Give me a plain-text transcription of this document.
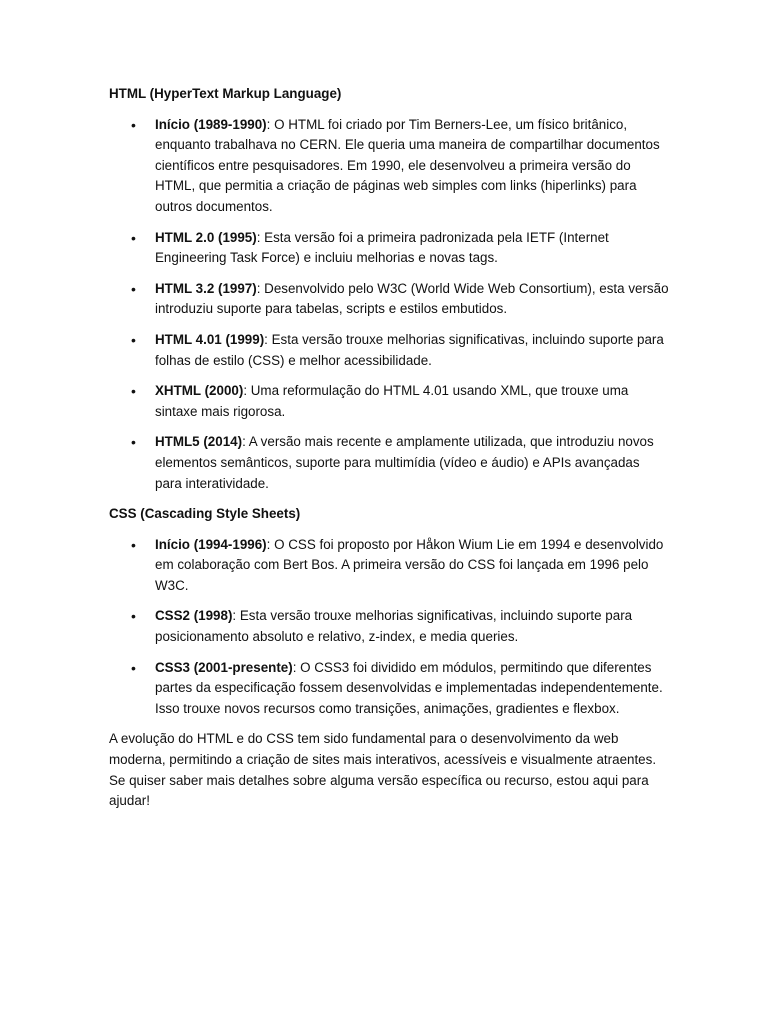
HTML (HyperText Markup Language)
• Início (1989-1990): O HTML foi criado por Tim Berners-Lee, um físico britânico, enquanto trabalhava no CERN. Ele queria uma maneira de compartilhar documentos científicos entre pesquisadores. Em 1990, ele desenvolveu a primeira versão do HTML, que permitia a criação de páginas web simples com links (hiperlinks) para outros documentos.
• HTML 2.0 (1995): Esta versão foi a primeira padronizada pela IETF (Internet Engineering Task Force) e incluiu melhorias e novas tags.
• HTML 3.2 (1997): Desenvolvido pelo W3C (World Wide Web Consortium), esta versão introduziu suporte para tabelas, scripts e estilos embutidos.
• HTML 4.01 (1999): Esta versão trouxe melhorias significativas, incluindo suporte para folhas de estilo (CSS) e melhor acessibilidade.
• XHTML (2000): Uma reformulação do HTML 4.01 usando XML, que trouxe uma sintaxe mais rigorosa.
• HTML5 (2014): A versão mais recente e amplamente utilizada, que introduziu novos elementos semânticos, suporte para multimídia (vídeo e áudio) e APIs avançadas para interatividade.
CSS (Cascading Style Sheets)
• Início (1994-1996): O CSS foi proposto por Håkon Wium Lie em 1994 e desenvolvido em colaboração com Bert Bos. A primeira versão do CSS foi lançada em 1996 pelo W3C.
• CSS2 (1998): Esta versão trouxe melhorias significativas, incluindo suporte para posicionamento absoluto e relativo, z-index, e media queries.
• CSS3 (2001-presente): O CSS3 foi dividido em módulos, permitindo que diferentes partes da especificação fossem desenvolvidas e implementadas independentemente. Isso trouxe novos recursos como transições, animações, gradientes e flexbox.

A evolução do HTML e do CSS tem sido fundamental para o desenvolvimento da web moderna, permitindo a criação de sites mais interativos, acessíveis e visualmente atraentes. Se quiser saber mais detalhes sobre alguma versão específica ou recurso, estou aqui para ajudar!
